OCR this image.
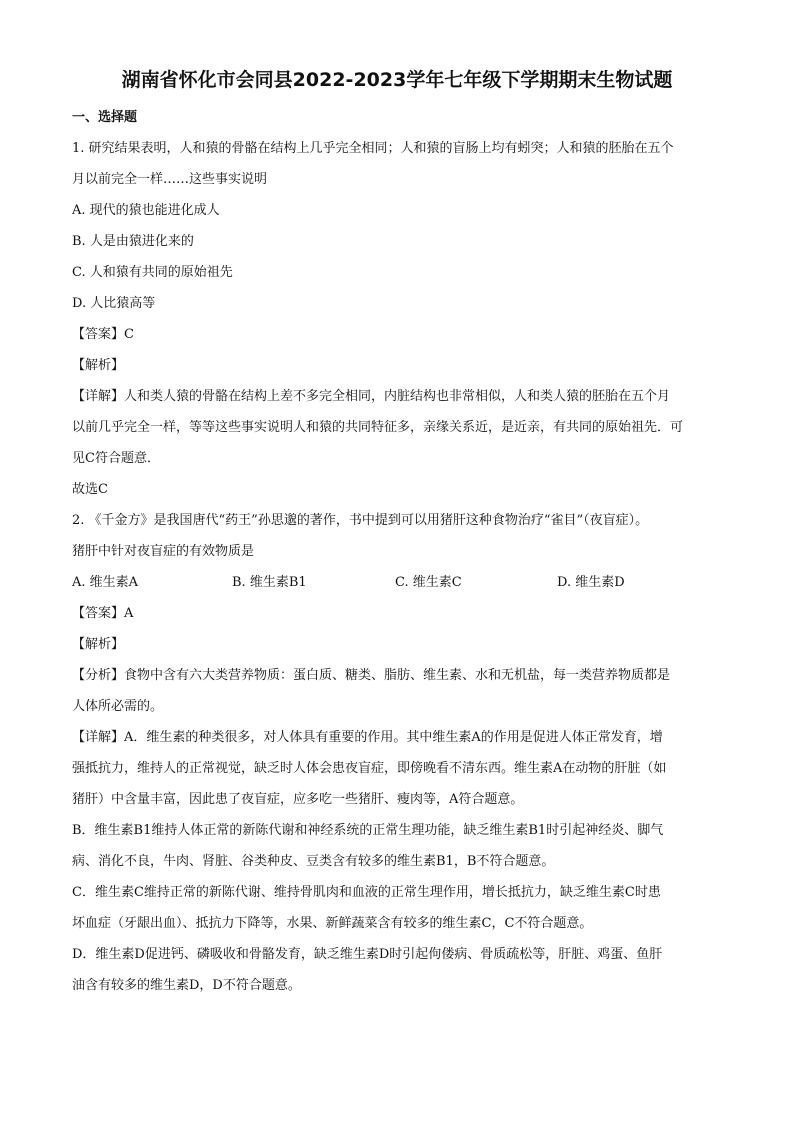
湖南省怀化市会同县2022-2023学年七年级下学期期末生物试题
一、选择题
1. 研究结果表明，人和猿的骨骼在结构上几乎完全相同；人和猿的盲肠上均有蚓突；人和猿的胚胎在五个
月以前完全一样……这些事实说明
A. 现代的猿也能进化成人
B. 人是由猿进化来的
C. 人和猿有共同的原始祖先
D. 人比猿高等
【答案】C
【解析】
【详解】人和类人猿的骨骼在结构上差不多完全相同，内脏结构也非常相似，人和类人猿的胚胎在五个月
以前几乎完全一样，等等这些事实说明人和猿的共同特征多，亲缘关系近，是近亲，有共同的原始祖先．可
见C符合题意．
故选C
2. 《千金方》是我国唐代“药王”孙思邈的著作，书中提到可以用猪肝这种食物治疗“雀目”（夜盲症）。
猪肝中针对夜盲症的有效物质是
A. 维生素A	B. 维生素B1	C. 维生素C	D. 维生素D
【答案】A
【解析】
【分析】食物中含有六大类营养物质：蛋白质、糖类、脂肪、维生素、水和无机盐，每一类营养物质都是
人体所必需的。
【详解】A．维生素的种类很多，对人体具有重要的作用。其中维生素A的作用是促进人体正常发育，增
强抵抗力，维持人的正常视觉，缺乏时人体会患夜盲症，即傍晚看不清东西。维生素A在动物的肝脏（如
猪肝）中含量丰富，因此患了夜盲症，应多吃一些猪肝、瘦肉等，A符合题意。
B．维生素B1维持人体正常的新陈代谢和神经系统的正常生理功能，缺乏维生素B1时引起神经炎、脚气
病、消化不良，牛肉、肾脏、谷类种皮、豆类含有较多的维生素B1，B不符合题意。
C．维生素C维持正常的新陈代谢、维持骨肌肉和血液的正常生理作用，增长抵抗力，缺乏维生素C时患
坏血症（牙龈出血）、抵抗力下降等，水果、新鲜蔬菜含有较多的维生素C，C不符合题意。
D．维生素D促进钙、磷吸收和骨骼发育，缺乏维生素D时引起佝偻病、骨质疏松等，肝脏、鸡蛋、鱼肝
油含有较多的维生素D，D不符合题意。
